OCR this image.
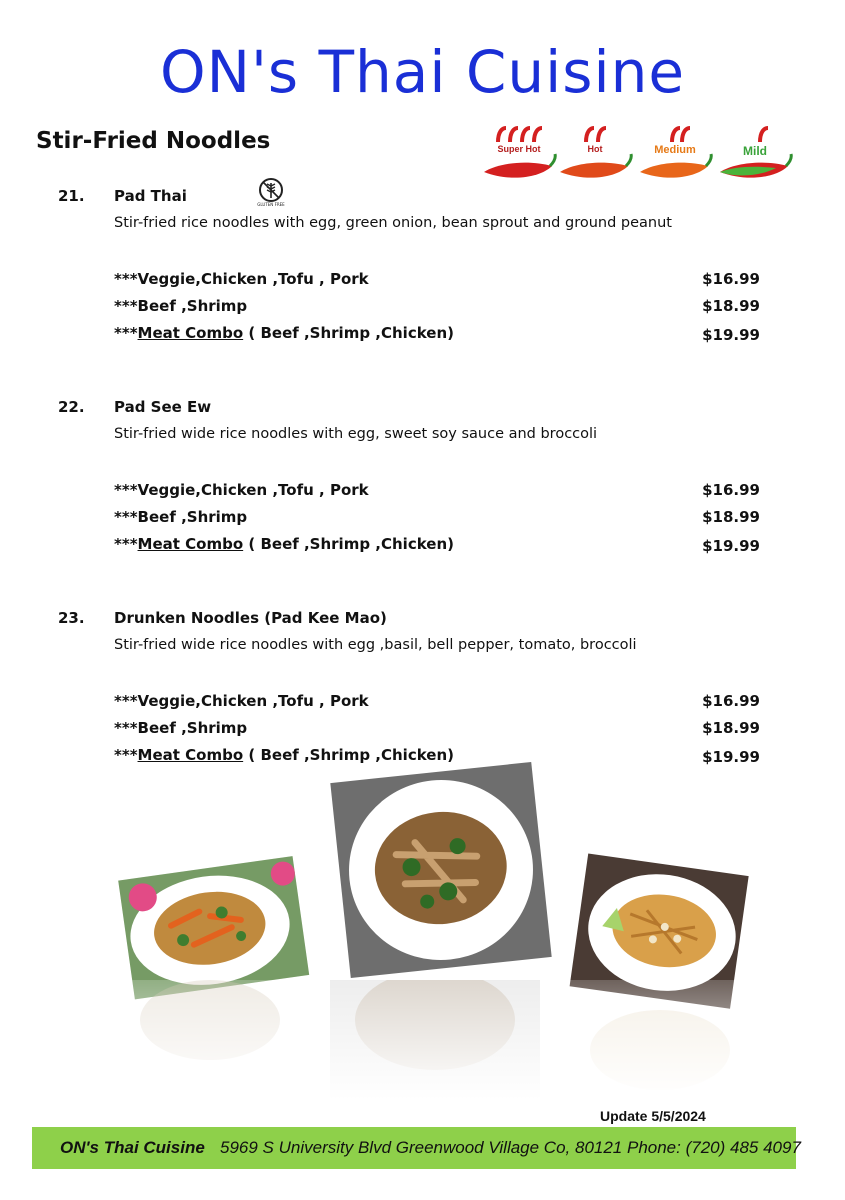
ON's Thai Cuisine
Stir-Fried Noodles	Super Hot	Hot	Medium	Mild
21. Pad Thai	GLUTEN FREE
Stir-fried rice noodles with egg, green onion, bean sprout and ground peanut
***Veggie,Chicken ,Tofu , Pork	$16.99
***Beef ,Shrimp	$18.99
***Meat Combo ( Beef ,Shrimp ,Chicken)	$19.99
22. Pad See Ew
Stir-fried wide rice noodles with egg, sweet soy sauce and broccoli
***Veggie,Chicken ,Tofu , Pork	$16.99
***Beef ,Shrimp	$18.99
***Meat Combo ( Beef ,Shrimp ,Chicken)	$19.99
23. Drunken Noodles (Pad Kee Mao)
Stir-fried wide rice noodles with egg ,basil, bell pepper, tomato, broccoli
***Veggie,Chicken ,Tofu , Pork	$16.99
***Beef ,Shrimp	$18.99
***Meat Combo ( Beef ,Shrimp ,Chicken)	$19.99
Update 5/5/2024
ON's Thai Cuisine 5969 S University Blvd Greenwood Village Co, 80121 Phone: (720) 485 4097
